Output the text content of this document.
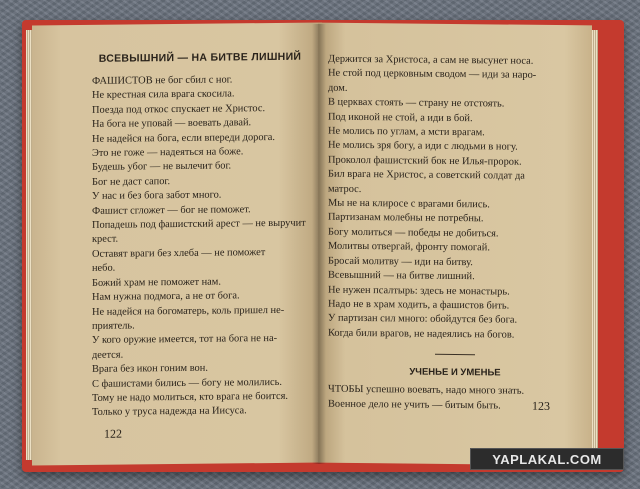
ВСЕВЫШНИЙ — НА БИТВЕ ЛИШНИЙ
ФАШИСТОВ не бог сбил с ног.
Не крестная сила врага скосила.
Поезда под откос спускает не Христос.
На бога не уповай — воевать давай.
Не надейся на бога, если впереди дорога.
Это не гоже — надеяться на боже.
Будешь убог — не вылечит бог.
Бог не даст сапог.
У нас и без бога забот много.
Фашист сгложет — бог не поможет.
Попадешь под фашистский арест — не выручит
крест.
Оставят враги без хлеба — не поможет
небо.
Божий храм не поможет нам.
Нам нужна подмога, а не от бога.
Не надейся на богоматерь, коль пришел не-
приятель.
У кого оружие имеется, тот на бога не на-
деется.
Врага без икон гоним вон.
С фашистами бились — богу не молились.
Тому не надо молиться, кто врага не боится.
Только у труса надежда на Иисуса.
122
Держится за Христоса, а сам не высунет носа.
Не стой под церковным сводом — иди за наро-
дом.
В церквах стоять — страну не отстоять.
Под иконой не стой, а иди в бой.
Не молись по углам, а мсти врагам.
Не молись зря богу, а иди с людьми в ногу.
Проколол фашистский бок не Илья-пророк.
Бил врага не Христос, а советский солдат да
матрос.
Мы не на клиросе с врагами бились.
Партизанам молебны не потребны.
Богу молиться — победы не добиться.
Молитвы отвергай, фронту помогай.
Бросай молитву — иди на битву.
Всевышний — на битве лишний.
Не нужен псалтырь: здесь не монастырь.
Надо не в храм ходить, а фашистов бить.
У партизан сил много: обойдутся без бога.
Когда били врагов, не надеялись на богов.
УЧЕНЬЕ И УМЕНЬЕ
ЧТОБЫ успешно воевать, надо много знать.
Военное дело не учить — битым быть.	123
YAPLAKAL.COM
